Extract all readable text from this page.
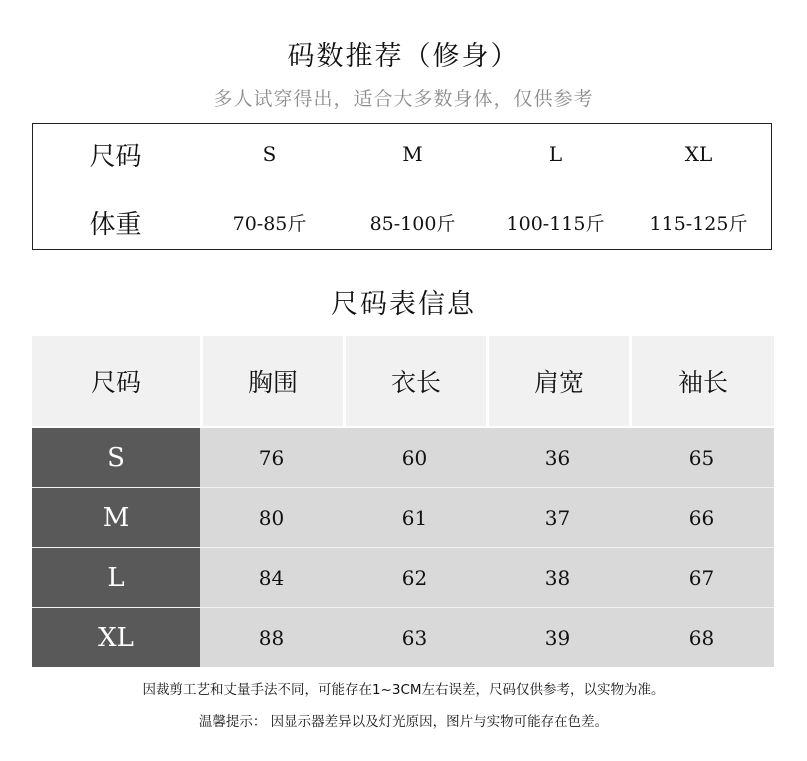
码数推荐（修身）
多人试穿得出，适合大多数身体，仅供参考
尺码	S	M	L	XL
体重	70-85斤	85-100斤	100-115斤	115-125斤
尺码表信息
尺码	胸围	衣长	肩宽	袖长
S	76	60	36	65
M	80	61	37	66
L	84	62	38	67
XL	88	63	39	68
因裁剪工艺和丈量手法不同，可能存在1~3CM左右误差，尺码仅供参考，以实物为准。
温馨提示： 因显示器差异以及灯光原因，图片与实物可能存在色差。
